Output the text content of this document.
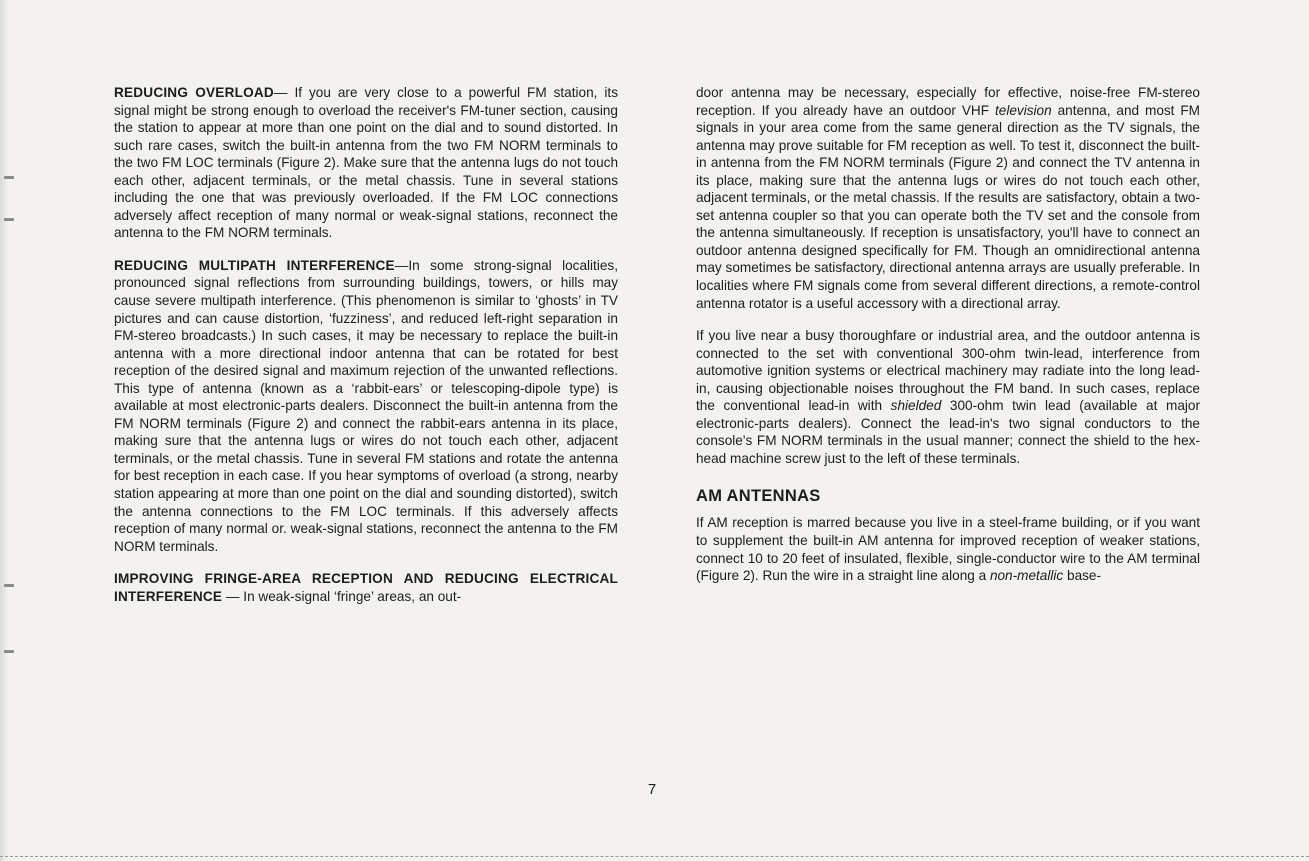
REDUCING OVERLOAD— If you are very close to a powerful FM station, its signal might be strong enough to overload the receiver's FM-tuner section, causing the station to appear at more than one point on the dial and to sound distorted. In such rare cases, switch the built-in antenna from the two FM NORM terminals to the two FM LOC terminals (Figure 2). Make sure that the antenna lugs do not touch each other, adjacent terminals, or the metal chassis. Tune in several stations including the one that was previously overloaded. If the FM LOC connections adversely affect reception of many normal or weak-signal stations, reconnect the antenna to the FM NORM terminals.

REDUCING MULTIPATH INTERFERENCE—In some strong-signal localities, pronounced signal reflections from surrounding buildings, towers, or hills may cause severe multipath interference. (This phenomenon is similar to ‘ghosts’ in TV pictures and can cause distortion, ‘fuzziness’, and reduced left-right separation in FM-stereo broadcasts.) In such cases, it may be necessary to replace the built-in antenna with a more directional indoor antenna that can be rotated for best reception of the desired signal and maximum rejection of the unwanted reflections. This type of antenna (known as a ‘rabbit-ears’ or telescoping-dipole type) is available at most electronic-parts dealers. Disconnect the built-in antenna from the FM NORM terminals (Figure 2) and connect the rabbit-ears antenna in its place, making sure that the antenna lugs or wires do not touch each other, adjacent terminals, or the metal chassis. Tune in several FM stations and rotate the antenna for best reception in each case. If you hear symptoms of overload (a strong, nearby station appearing at more than one point on the dial and sounding distorted), switch the antenna connections to the FM LOC terminals. If this adversely affects reception of many normal or. weak-signal stations, reconnect the antenna to the FM NORM terminals.

IMPROVING FRINGE-AREA RECEPTION AND REDUCING ELECTRICAL INTERFERENCE — In weak-signal ‘fringe’ areas, an out-

door antenna may be necessary, especially for effective, noise-free FM-stereo reception. If you already have an outdoor VHF television antenna, and most FM signals in your area come from the same general direction as the TV signals, the antenna may prove suitable for FM reception as well. To test it, disconnect the built-in antenna from the FM NORM terminals (Figure 2) and connect the TV antenna in its place, making sure that the antenna lugs or wires do not touch each other, adjacent terminals, or the metal chassis. If the results are satisfactory, obtain a two-set antenna coupler so that you can operate both the TV set and the console from the antenna simultaneously. If reception is unsatisfactory, you'll have to connect an outdoor antenna designed specifically for FM. Though an omnidirectional antenna may sometimes be satisfactory, directional antenna arrays are usually preferable. In localities where FM signals come from several different directions, a remote-control antenna rotator is a useful accessory with a directional array.

If you live near a busy thoroughfare or industrial area, and the outdoor antenna is connected to the set with conventional 300-ohm twin-lead, interference from automotive ignition systems or electrical machinery may radiate into the long lead-in, causing objectionable noises throughout the FM band. In such cases, replace the conventional lead-in with shielded 300-ohm twin lead (available at major electronic-parts dealers). Connect the lead-in's two signal conductors to the console's FM NORM terminals in the usual manner; connect the shield to the hex-head machine screw just to the left of these terminals.

AM ANTENNAS

If AM reception is marred because you live in a steel-frame building, or if you want to supplement the built-in AM antenna for improved reception of weaker stations, connect 10 to 20 feet of insulated, flexible, single-conductor wire to the AM terminal (Figure 2). Run the wire in a straight line along a non-metallic base-

7
